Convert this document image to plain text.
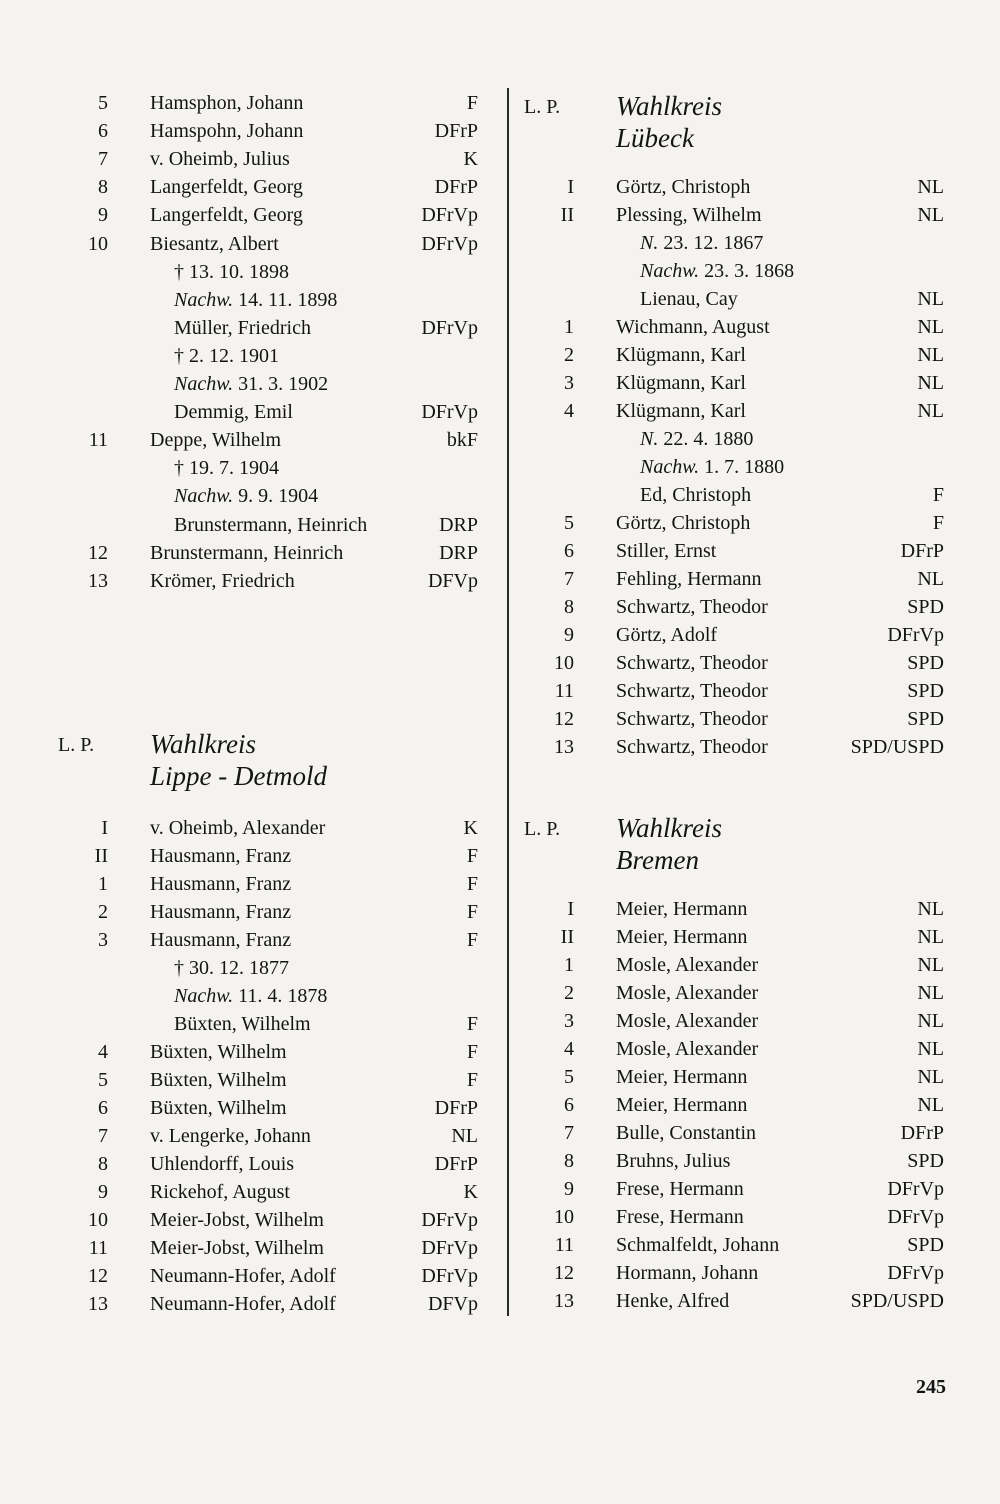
5 Hamsphon, Johann	F
6 Hamspohn, Johann	DFrP
7 v. Oheimb, Julius	K
8 Langerfeldt, Georg	DFrP
9 Langerfeldt, Georg	DFrVp
10 Biesantz, Albert	DFrVp
† 13. 10. 1898
Nachw. 14. 11. 1898
Müller, Friedrich	DFrVp
† 2. 12. 1901
Nachw. 31. 3. 1902
Demmig, Emil	DFrVp
11 Deppe, Wilhelm	bkF
† 19. 7. 1904
Nachw. 9. 9. 1904
Brunstermann, Heinrich	DRP
12 Brunstermann, Heinrich	DRP
13 Krömer, Friedrich	DFVp
L. P. Wahlkreis
Lippe - Detmold
I v. Oheimb, Alexander	K
II Hausmann, Franz	F
1 Hausmann, Franz	F
2 Hausmann, Franz	F
3 Hausmann, Franz	F
† 30. 12. 1877
Nachw. 11. 4. 1878
Büxten, Wilhelm	F
4 Büxten, Wilhelm	F
5 Büxten, Wilhelm	F
6 Büxten, Wilhelm	DFrP
7 v. Lengerke, Johann	NL
8 Uhlendorff, Louis	DFrP
9 Rickehof, August	K
10 Meier-Jobst, Wilhelm	DFrVp
11 Meier-Jobst, Wilhelm	DFrVp
12 Neumann-Hofer, Adolf	DFrVp
13 Neumann-Hofer, Adolf	DFVp
L. P. Wahlkreis
Lübeck
I Görtz, Christoph	NL
II Plessing, Wilhelm	NL
N. 23. 12. 1867
Nachw. 23. 3. 1868
Lienau, Cay	NL
1 Wichmann, August	NL
2 Klügmann, Karl	NL
3 Klügmann, Karl	NL
4 Klügmann, Karl	NL
N. 22. 4. 1880
Nachw. 1. 7. 1880
Ed, Christoph	F
5 Görtz, Christoph	F
6 Stiller, Ernst	DFrP
7 Fehling, Hermann	NL
8 Schwartz, Theodor	SPD
9 Görtz, Adolf	DFrVp
10 Schwartz, Theodor	SPD
11 Schwartz, Theodor	SPD
12 Schwartz, Theodor	SPD
13 Schwartz, Theodor	SPD/USPD
L. P. Wahlkreis
Bremen
I Meier, Hermann	NL
II Meier, Hermann	NL
1 Mosle, Alexander	NL
2 Mosle, Alexander	NL
3 Mosle, Alexander	NL
4 Mosle, Alexander	NL
5 Meier, Hermann	NL
6 Meier, Hermann	NL
7 Bulle, Constantin	DFrP
8 Bruhns, Julius	SPD
9 Frese, Hermann	DFrVp
10 Frese, Hermann	DFrVp
11 Schmalfeldt, Johann	SPD
12 Hormann, Johann	DFrVp
13 Henke, Alfred	SPD/USPD
245
